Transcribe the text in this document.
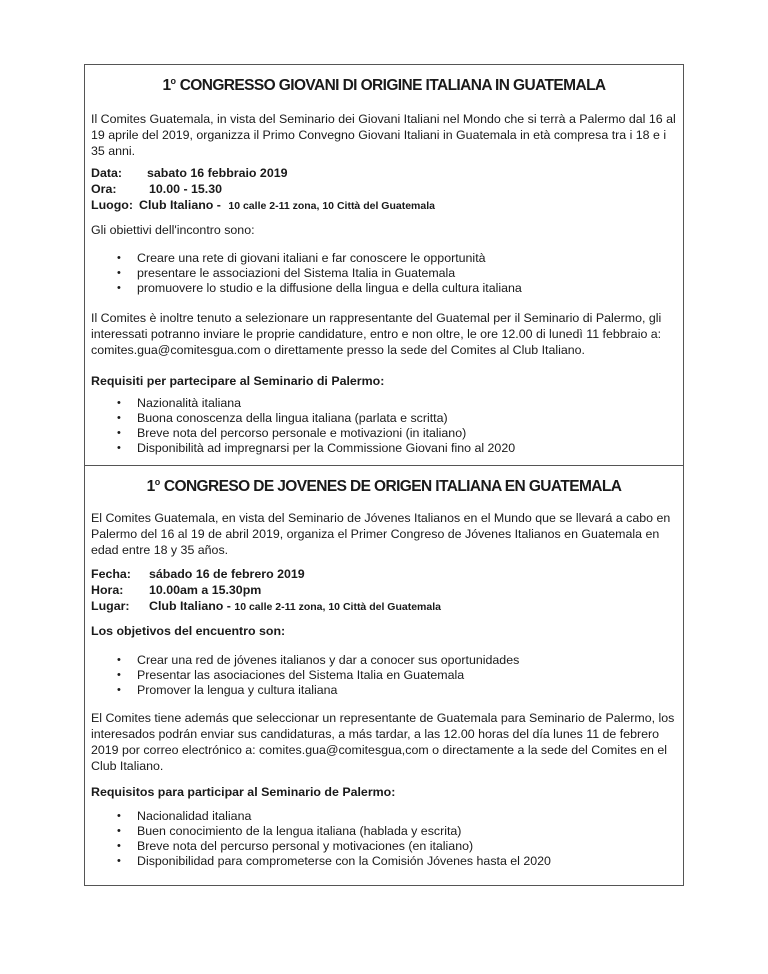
1$^o$ CONGRESSO GIOVANI DI ORIGINE ITALIANA IN GUATEMALA

Il Comites Guatemala, in vista del Seminario dei Giovani Italiani nel Mondo che si terrà a Palermo dal 16 al 19 aprile del 2019, organizza il Primo Convegno Giovani Italiani in Guatemala in età compresa tra i 18 e i 35 anni.

Data:	sabato 16 febbraio 2019
Ora:	10.00 - 15.30
Luogo: Club Italiano - 10 calle 2-11 zona, 10 Città del Guatemala

Gli obiettivi dell'incontro sono:

• Creare una rete di giovani italiani e far conoscere le opportunità
• presentare le associazioni del Sistema Italia in Guatemala
• promuovere lo studio e la diffusione della lingua e della cultura italiana

Il Comites è inoltre tenuto a selezionare un rappresentante del Guatemal per il Seminario di Palermo, gli interessati potranno inviare le proprie candidature, entro e non oltre, le ore 12.00 di lunedì 11 febbraio a: comites.gua@comitesgua.com o direttamente presso la sede del Comites al Club Italiano.

Requisiti per partecipare al Seminario di Palermo:

• Nazionalità italiana
• Buona conoscenza della lingua italiana (parlata e scritta)
• Breve nota del percorso personale e motivazioni (in italiano)
• Disponibilità ad impregnarsi per la Commissione Giovani fino al 2020
1$^o$ CONGRESO DE JOVENES DE ORIGEN ITALIANA EN GUATEMALA

El Comites Guatemala, en vista del Seminario de Jóvenes Italianos en el Mundo que se llevará a cabo en Palermo del 16 al 19 de abril 2019, organiza el Primer Congreso de Jóvenes Italianos en Guatemala en edad entre 18 y 35 años.

Fecha:	sábado 16 de febrero 2019
Hora:	10.00am a 15.30pm
Lugar:	Club Italiano - 10 calle 2-11 zona, 10 Città del Guatemala

Los objetivos del encuentro son:

• Crear una red de jóvenes italianos y dar a conocer sus oportunidades
• Presentar las asociaciones del Sistema Italia en Guatemala
• Promover la lengua y cultura italiana

El Comites tiene además que seleccionar un representante de Guatemala para Seminario de Palermo, los interesados podrán enviar sus candidaturas, a más tardar, a las 12.00 horas del día lunes 11 de febrero 2019 por correo electrónico a: comites.gua@comitesgua,com o directamente a la sede del Comites en el Club Italiano.

Requisitos para participar al Seminario de Palermo:

• Nacionalidad italiana
• Buen conocimiento de la lengua italiana (hablada y escrita)
• Breve nota del percurso personal y motivaciones (en italiano)
• Disponibilidad para comprometerse con la Comisión Jóvenes hasta el 2020
